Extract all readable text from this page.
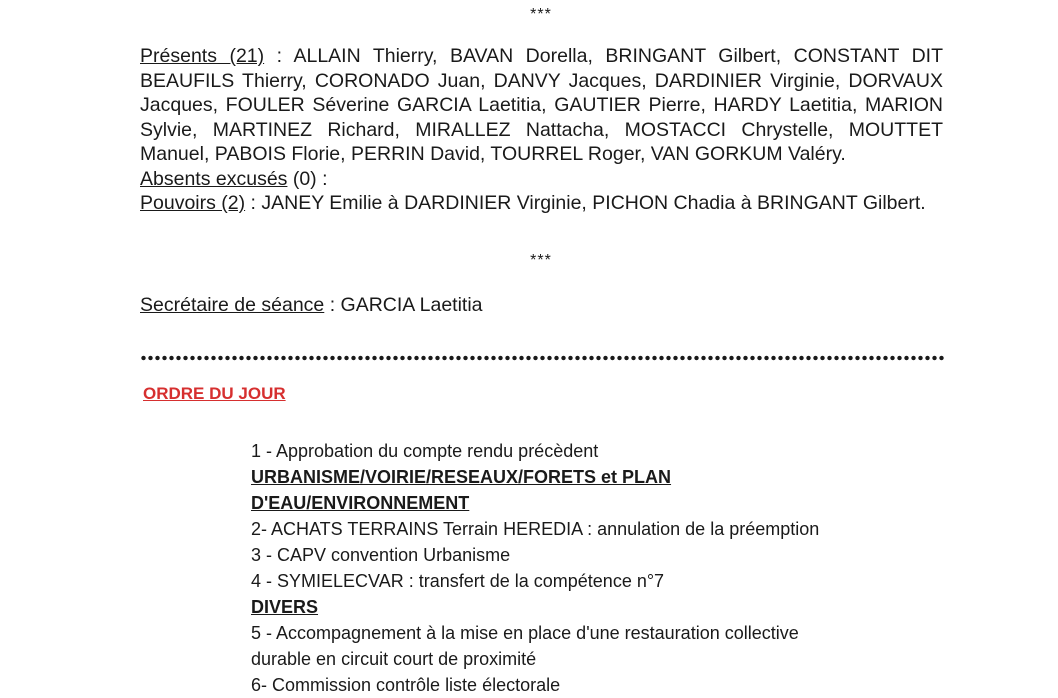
***
Présents (21) : ALLAIN Thierry, BAVAN Dorella, BRINGANT Gilbert, CONSTANT DIT BEAUFILS Thierry, CORONADO Juan, DANVY Jacques, DARDINIER Virginie, DORVAUX Jacques, FOULER Séverine GARCIA Laetitia, GAUTIER Pierre, HARDY Laetitia, MARION Sylvie, MARTINEZ Richard, MIRALLEZ Nattacha, MOSTACCI Chrystelle, MOUTTET Manuel, PABOIS Florie, PERRIN David, TOURREL Roger, VAN GORKUM Valéry.
Absents excusés (0) :
Pouvoirs (2) : JANEY Emilie à DARDINIER Virginie, PICHON Chadia à BRINGANT Gilbert.
***
Secrétaire de séance : GARCIA Laetitia
ORDRE DU JOUR
1 - Approbation du compte rendu précèdent
URBANISME/VOIRIE/RESEAUX/FORETS et PLAN
D'EAU/ENVIRONNEMENT
2- ACHATS TERRAINS Terrain HEREDIA : annulation de la préemption
3 - CAPV convention Urbanisme
4 - SYMIELECVAR : transfert de la compétence n°7
DIVERS
5 - Accompagnement à la mise en place d'une restauration collective
durable en circuit court de proximité
6- Commission contrôle liste électorale
